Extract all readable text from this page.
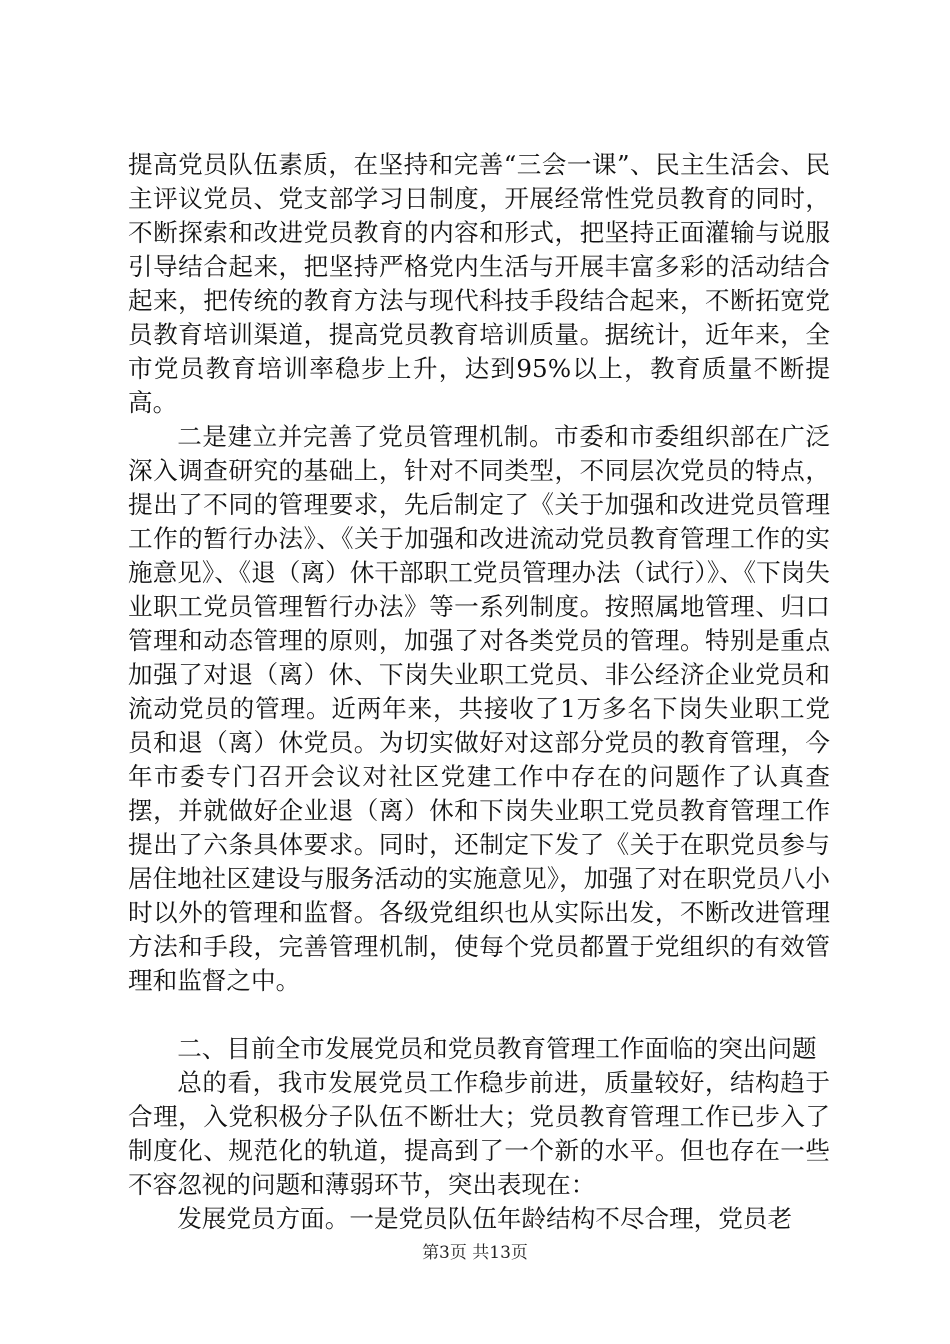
提高党员队伍素质，在坚持和完善“三会一课”、民主生活会、民主评议党员、党支部学习日制度，开展经常性党员教育的同时，不断探索和改进党员教育的内容和形式，把坚持正面灌输与说服引导结合起来，把坚持严格党内生活与开展丰富多彩的活动结合起来，把传统的教育方法与现代科技手段结合起来，不断拓宽党员教育培训渠道，提高党员教育培训质量。据统计，近年来，全市党员教育培训率稳步上升，达到95%以上，教育质量不断提高。

二是建立并完善了党员管理机制。市委和市委组织部在广泛深入调查研究的基础上，针对不同类型，不同层次党员的特点，提出了不同的管理要求，先后制定了《关于加强和改进党员管理工作的暂行办法》、《关于加强和改进流动党员教育管理工作的实施意见》、《退（离）休干部职工党员管理办法（试行）》、《下岗失业职工党员管理暂行办法》等一系列制度。按照属地管理、归口管理和动态管理的原则，加强了对各类党员的管理。特别是重点加强了对退（离）休、下岗失业职工党员、非公经济企业党员和流动党员的管理。近两年来，共接收了1万多名下岗失业职工党员和退（离）休党员。为切实做好对这部分党员的教育管理，今年市委专门召开会议对社区党建工作中存在的问题作了认真查摆，并就做好企业退（离）休和下岗失业职工党员教育管理工作提出了六条具体要求。同时，还制定下发了《关于在职党员参与居住地社区建设与服务活动的实施意见》，加强了对在职党员八小时以外的管理和监督。各级党组织也从实际出发，不断改进管理方法和手段，完善管理机制，使每个党员都置于党组织的有效管理和监督之中。

二、目前全市发展党员和党员教育管理工作面临的突出问题

总的看，我市发展党员工作稳步前进，质量较好，结构趋于合理，入党积极分子队伍不断壮大；党员教育管理工作已步入了制度化、规范化的轨道，提高到了一个新的水平。但也存在一些不容忽视的问题和薄弱环节，突出表现在：

发展党员方面。一是党员队伍年龄结构不尽合理，党员老

第3页 共13页
